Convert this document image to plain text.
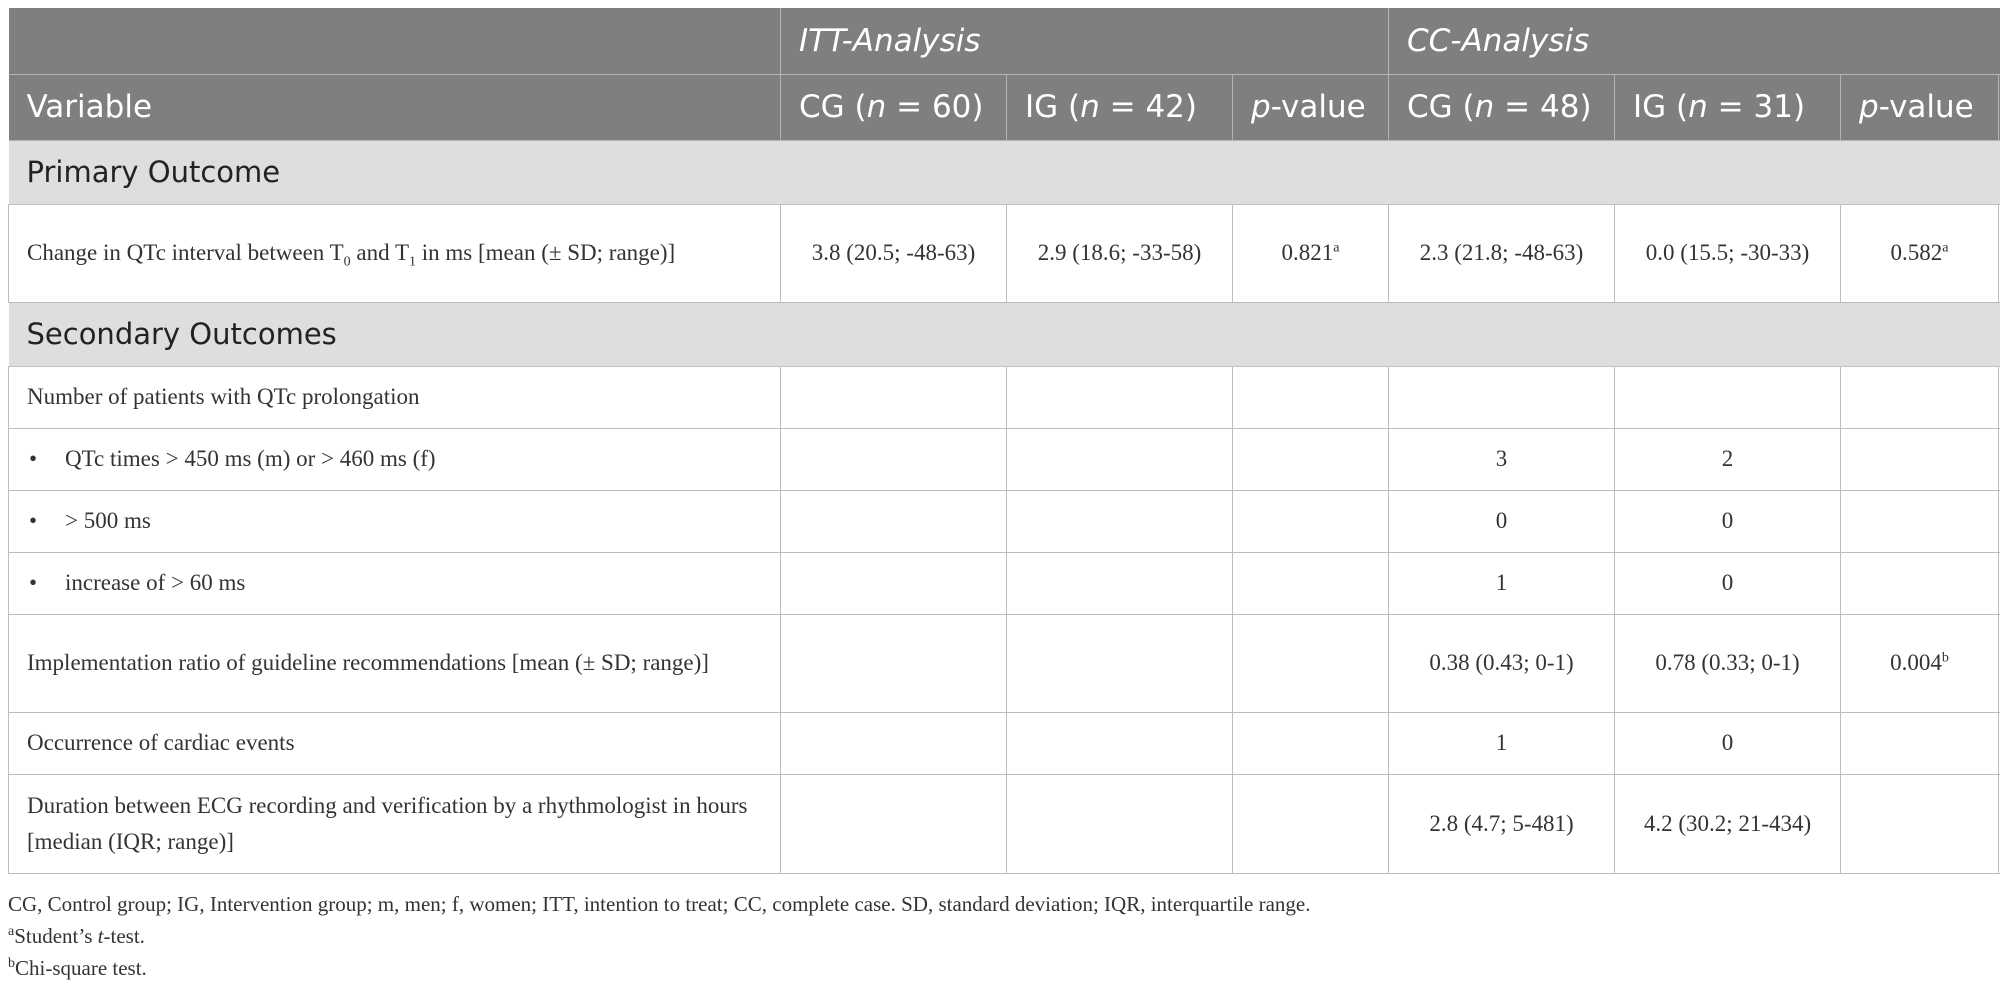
	ITT-Analysis			CC-Analysis			
Variable	CG (n = 60)	IG (n = 42)	p-value	CG (n = 48)	IG (n = 31)	p-value	
Primary Outcome							
Change in QTc interval between $T_0$ and $T_1$ in ms [mean (± SD; range)]	3.8 (20.5; -48-63)	2.9 (18.6; -33-58)	0.821$^a$	2.3 (21.8; -48-63)	0.0 (15.5; -30-33)	0.582$^a$	
Secondary Outcomes							
Number of patients with QTc prolongation							
• QTc times > 450 ms (m) or > 460 ms (f)				3	2		
• > 500 ms				0	0		
• increase of > 60 ms				1	0		
Implementation ratio of guideline recommendations [mean (± SD; range)]				0.38 (0.43; 0-1)	0.78 (0.33; 0-1)	0.004$^b$	
Occurrence of cardiac events				1	0		
Duration between ECG recording and verification by a rhythmologist in hours [median (IQR; range)]				2.8 (4.7; 5-481)	4.2 (30.2; 21-434)		
CG, Control group; IG, Intervention group; m, men; f, women; ITT, intention to treat; CC, complete case. SD, standard deviation; IQR, interquartile range.
$^a$Student’s t-test.
$^b$Chi-square test.
